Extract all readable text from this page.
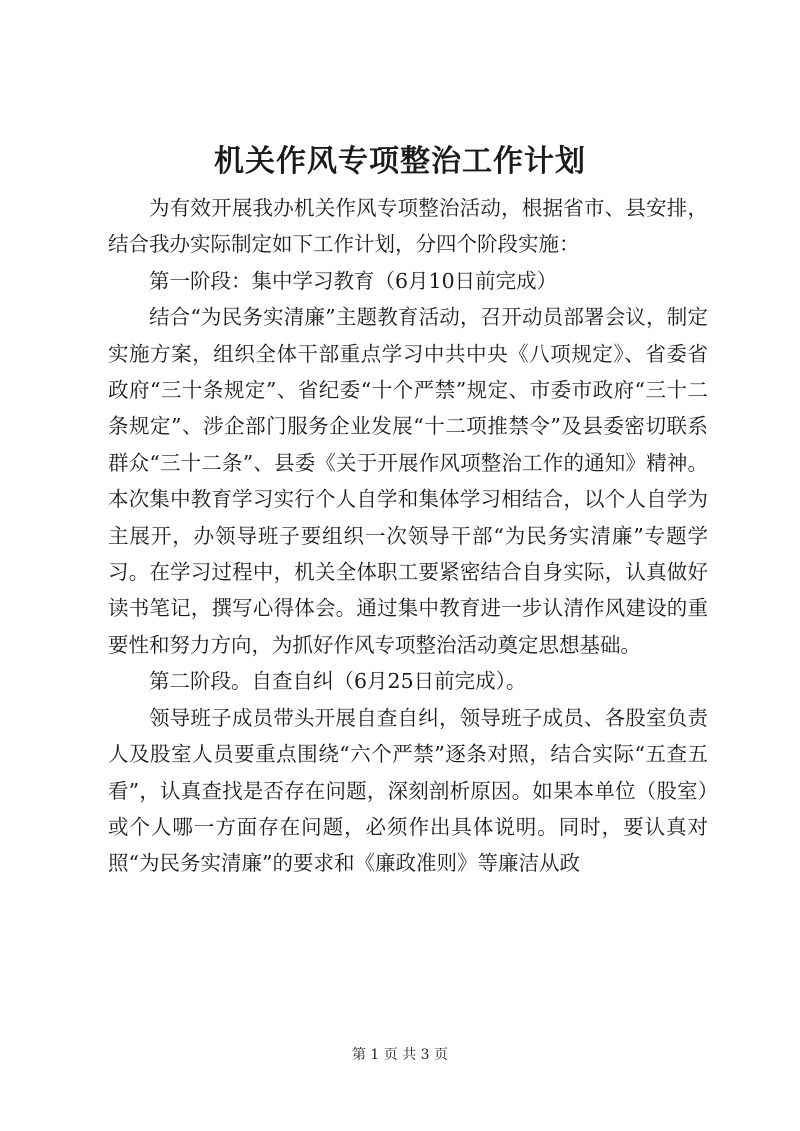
机关作风专项整治工作计划

为有效开展我办机关作风专项整治活动，根据省市、县安排，结合我办实际制定如下工作计划，分四个阶段实施：

第一阶段：集中学习教育（6月10日前完成）

结合“为民务实清廉”主题教育活动，召开动员部署会议，制定实施方案，组织全体干部重点学习中共中央《八项规定》、省委省政府“三十条规定”、省纪委“十个严禁”规定、市委市政府“三十二条规定”、涉企部门服务企业发展“十二项推禁令”及县委密切联系群众“三十二条”、县委《关于开展作风项整治工作的通知》精神。本次集中教育学习实行个人自学和集体学习相结合，以个人自学为主展开，办领导班子要组织一次领导干部“为民务实清廉”专题学习。在学习过程中，机关全体职工要紧密结合自身实际，认真做好读书笔记，撰写心得体会。通过集中教育进一步认清作风建设的重要性和努力方向，为抓好作风专项整治活动奠定思想基础。

第二阶段。自查自纠（6月25日前完成）。

领导班子成员带头开展自查自纠，领导班子成员、各股室负责人及股室人员要重点围绕“六个严禁”逐条对照，结合实际“五查五看”，认真查找是否存在问题，深刻剖析原因。如果本单位（股室）或个人哪一方面存在问题，必须作出具体说明。同时，要认真对照“为民务实清廉”的要求和《廉政准则》等廉洁从政

第 1 页 共 3 页
